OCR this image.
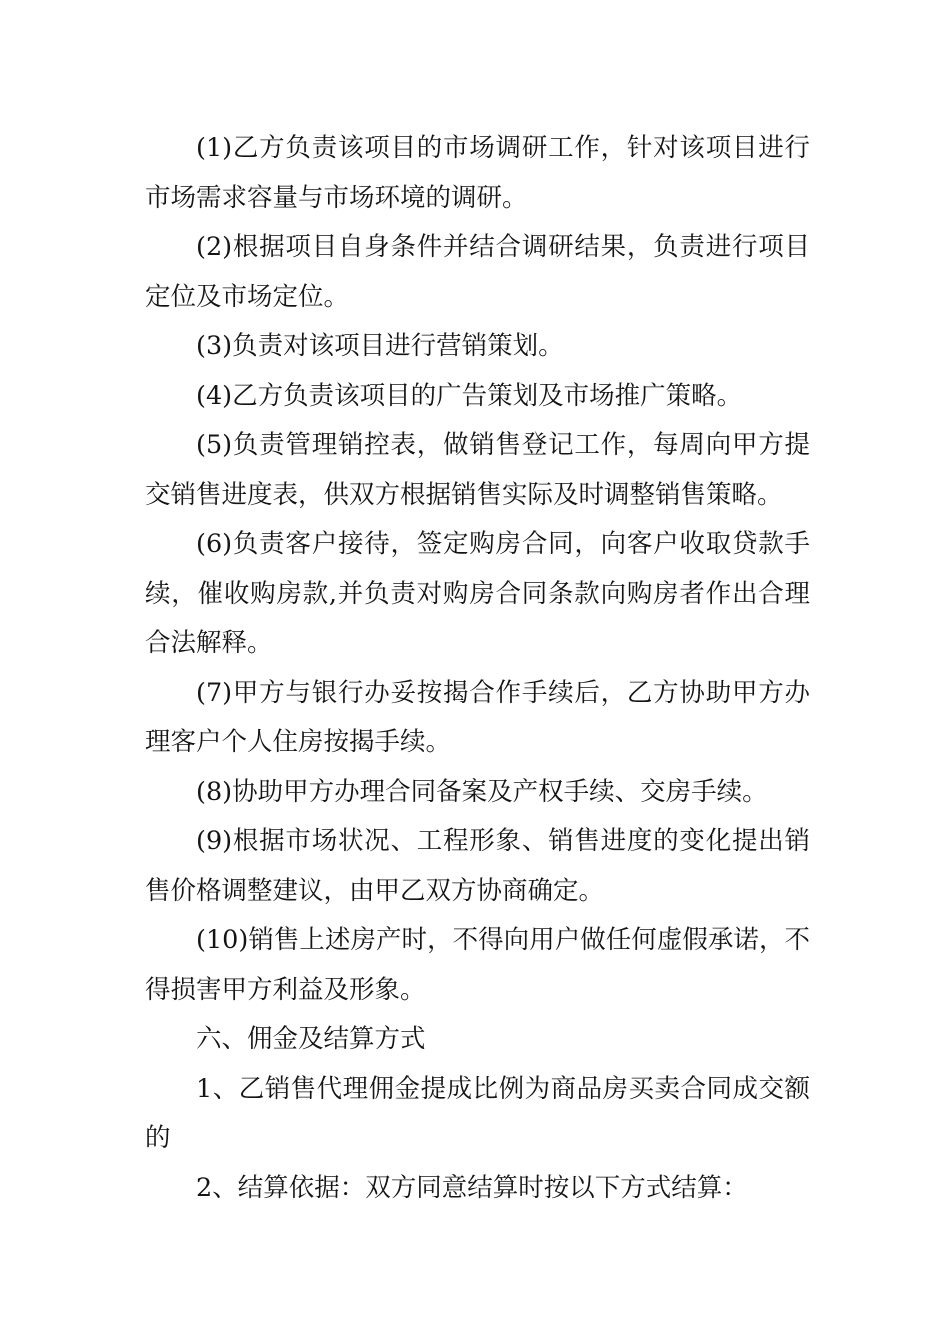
(1)乙方负责该项目的市场调研工作，针对该项目进行市场需求容量与市场环境的调研。

(2)根据项目自身条件并结合调研结果，负责进行项目定位及市场定位。

(3)负责对该项目进行营销策划。

(4)乙方负责该项目的广告策划及市场推广策略。

(5)负责管理销控表，做销售登记工作，每周向甲方提交销售进度表，供双方根据销售实际及时调整销售策略。

(6)负责客户接待，签定购房合同，向客户收取贷款手续，催收购房款,并负责对购房合同条款向购房者作出合理合法解释。

(7)甲方与银行办妥按揭合作手续后，乙方协助甲方办理客户个人住房按揭手续。

(8)协助甲方办理合同备案及产权手续、交房手续。

(9)根据市场状况、工程形象、销售进度的变化提出销售价格调整建议，由甲乙双方协商确定。

(10)销售上述房产时，不得向用户做任何虚假承诺，不得损害甲方利益及形象。

六、佣金及结算方式

1、乙销售代理佣金提成比例为商品房买卖合同成交额的

2、结算依据：双方同意结算时按以下方式结算：
